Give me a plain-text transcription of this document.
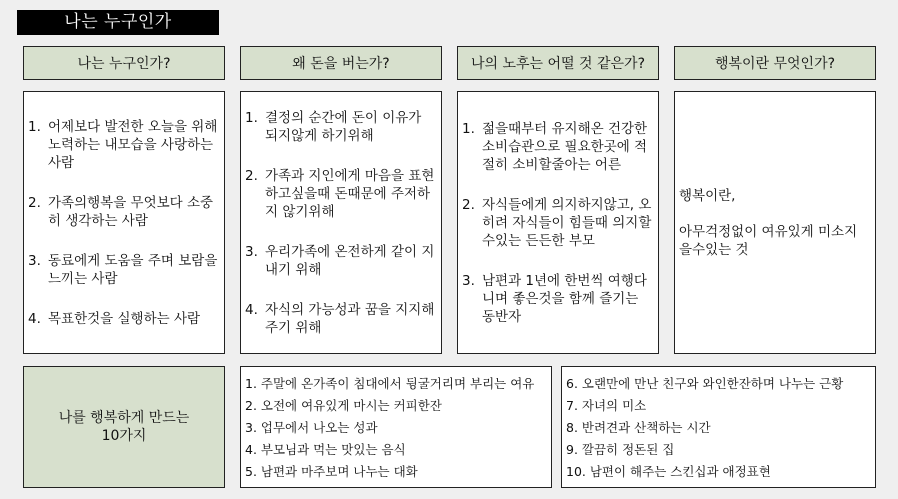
나는 누구인가
나는 누구인가?	왜 돈을 버는가?	나의 노후는 어떨 것 같은가?	행복이란 무엇인가?
1. 어제보다 발전한 오늘을 위해 노력하는 내모습을 사랑하는 사람
2. 가족의행복을 무엇보다 소중히 생각하는 사람
3. 동료에게 도움을 주며 보람을 느끼는 사람
4. 목표한것을 실행하는 사람
1. 결정의 순간에 돈이 이유가 되지않게 하기위해
2. 가족과 지인에게 마음을 표현하고싶을때 돈때문에 주저하지 않기위해
3. 우리가족에 온전하게 같이 지내기 위해
4. 자식의 가능성과 꿈을 지지해주기 위해
1. 젊을때부터 유지해온 건강한 소비습관으로 필요한곳에 적절히 소비할줄아는 어른
2. 자식들에게 의지하지않고, 오히려 자식들이 힘들때 의지할수있는 든든한 부모
3. 남편과 1년에 한번씩 여행다니며 좋은것을 함께 즐기는 동반자
행복이란,
아무걱정없이 여유있게 미소지을수있는 것
나를 행복하게 만드는
10가지
1. 주말에 온가족이 침대에서 뒹굴거리며 부리는 여유
2. 오전에 여유있게 마시는 커피한잔
3. 업무에서 나오는 성과
4. 부모님과 먹는 맛있는 음식
5. 남편과 마주보며 나누는 대화
6. 오랜만에 만난 친구와 와인한잔하며 나누는 근황
7. 자녀의 미소
8. 반려견과 산책하는 시간
9. 깔끔히 정돈된 집
10. 남편이 해주는 스킨십과 애정표현
